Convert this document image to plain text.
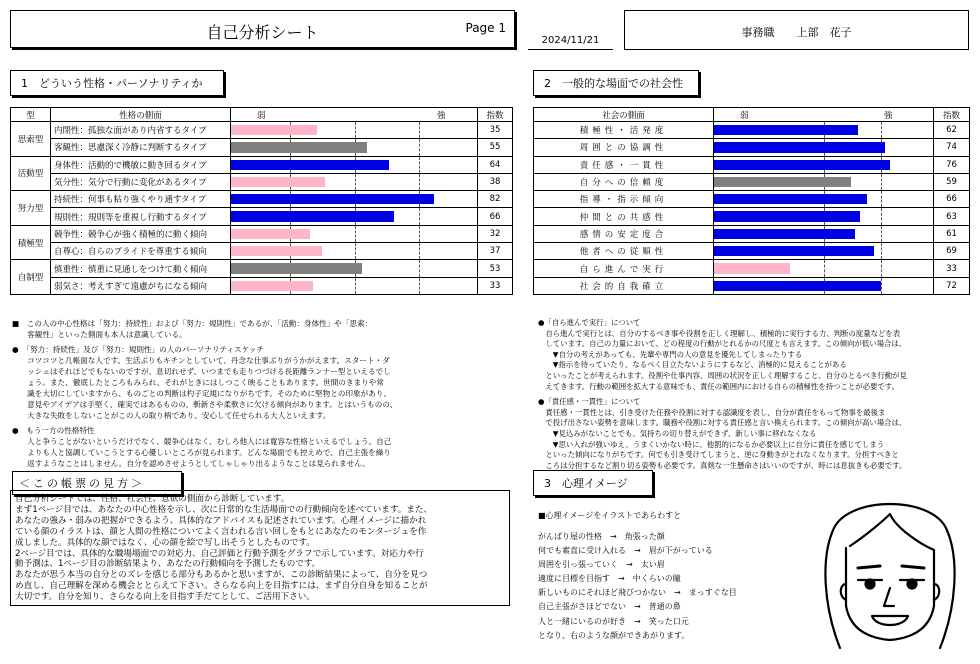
自己分析シート	Page 1
2024/11/21
事務職　　上部　花子
1　どういう性格・パーソナリティか
型	性格の側面	弱 強	指数
思索型	内閉性：孤独な面があり内省するタイプ		35
	客観性：思慮深く冷静に判断するタイプ		55
活動型	身体性：活動的で機敏に動き回るタイプ		64
	気分性：気分で行動に変化があるタイプ		38
努力型	持続性：何事も粘り強くやり通すタイプ		82
	規則性：規則等を重視し行動するタイプ		66
積極型	競争性：競争心が強く積極的に動く傾向		32
	自尊心：自らのプライドを尊重する傾向		37
自制型	慎重性：慎重に見通しをつけて動く傾向		53
	弱気さ：考えすぎて遠慮がちになる傾向		33
2　一般的な場面での社会性
社会の側面	弱 強	指数
積極性・活発度		62
周囲との協調性		74
責任感・一貫性		76
自分への信頼度		59
指導・指示傾向		66
仲間との共感性		63
感情の安定度合		61
他者への従順性		69
自ら進んで実行		33
社会的自我確立		72

■　この人の中心性格は「努力：持続性」および「努力：規則性」であるが、「活動：身体性」や「思索：

　　客観性」といった側面も本人は意識している。

●　「努力：持続性」及び「努力：規則性」の人のパーソナリティスケッチ

　　コツコツと几帳面な人です。生活ぶりもキチンとしていて、丹念な仕事ぶりがうかがえます。スタート・ダ

　　ッシュはそれほどでもないのですが、息切れせず、いつまでも走りつづける長距離ランナー型といえるでし

　　ょう。また、徹底したところもみられ、それがときにはしつこく映ることもあります。世間のきまりや常

　　識を大切にしていますから、ものごとの判断は杓子定規になりがちです。そのために堅物との印象があり、

　　意見やアイデアは手堅く、確実ではあるものの、斬新さや柔軟さに欠ける傾向があります。とはいうものの、

　　大きな失敗をしないことがこの人の取り柄であり、安心して任せられる大人といえます。

●　もう一方の性格特性

　　人と争うことがないというだけでなく、競争心はなく、むしろ他人には寛容な性格といえるでしょう。自己

　　よりも人と協調していこうとする心優しいところが見られます。どんな場面でも控えめで、自己主張を繰り

　　返すようなことはしません。自分を認めさせようとしてしゃしゃり出るようなことは見られません。

●「自ら進んで実行」について

　自ら進んで実行とは、自分のするべき事や役割を正しく理解し、積極的に実行する力、判断の度量などを表

　しています。自己の力量において、どの程度の行動がとれるかの尺度とも言えます。この傾向が低い場合は、

　　▼自分の考えがあっても、先輩や専門の人の意見を優先してしまったりする

　　▼指示を待っていたり、なるべく目立たないようにするなど、消極的に見えることがある

　といったことが考えられます。役割や仕事内容、周囲の状況を正しく理解すること、自分のとるべき行動が見

　えてきます。行動の範囲を拡大する意味でも、責任の範囲内における自らの積極性を持つことが必要です。

●「責任感・一貫性」について

　責任感・一貫性とは、引き受けた任務や役割に対する認識度を表し、自分が責任をもって物事を最後ま

　で投げ出さない姿勢を意味します。職務や役割に対する責任感と言い換えられます。この傾向が高い場合は、

　　▼見込みがないことでも、気持ちの切り替えができず、新しい事に移れなくなる

　　▼思い入れが強いゆえ、うまくいかない時に、他罰的になるか必要以上に自分に責任を感じてしまう

　といった傾向になりがちです。何でも引き受けてしまうと、逆に身動きがとれなくなります。分担すべきと

　ころは分担するなど割り切る姿勢も必要です。真剣な一生懸命さはいいのですが、時には息抜きも必要です。

＜この帳票の見方＞

自己分析シートでは、性格、社会性、意欲の側面から診断しています。

まず1ページ目では、あなたの中心性格を示し、次に日常的な生活場面での行動傾向を述べています。また、

あなたの強み・弱みの把握ができるよう、具体的なアドバイスも記述されています。心理イメージに描かれ

ている顔のイラストは、顔と人間の性格についてよく言われる言い回しをもとにあなたのモンタージュを作

成しました。具体的な顔ではなく、心の顔を絵で写し出そうとしたものです。

2ページ目では、具体的な職場場面での対応力、自己評価と行動予測をグラフで示しています。対応力や行

動予測は、1ページ目の診断結果より、あなたの行動傾向を予測したものです。

あなたが思う本当の自分とのズレを感じる部分もあるかと思いますが、この診断結果によって、自分を見つ

め直し、自己理解を深める機会ととらえて下さい。さらなる向上を目指すには、まず自分自身を知ることが

大切です。自分を知り、さらなる向上を目指す手だてとして、ご活用下さい。

3　心理イメージ
■心理イメージをイラストであらわすと

がんばり屋の性格　→　角張った顔

何でも素直に受け入れる　→　眉が下がっている

周囲を引っ張っていく　→　太い眉

適度に目標を目指す　→　中くらいの瞳

新しいものにそれほど飛びつかない　→　まっすぐな目

自己主張がさほどでない　→　普通の鼻

人と一緒にいるのが好き　→　笑った口元

となり、右のような顔ができあがります。
